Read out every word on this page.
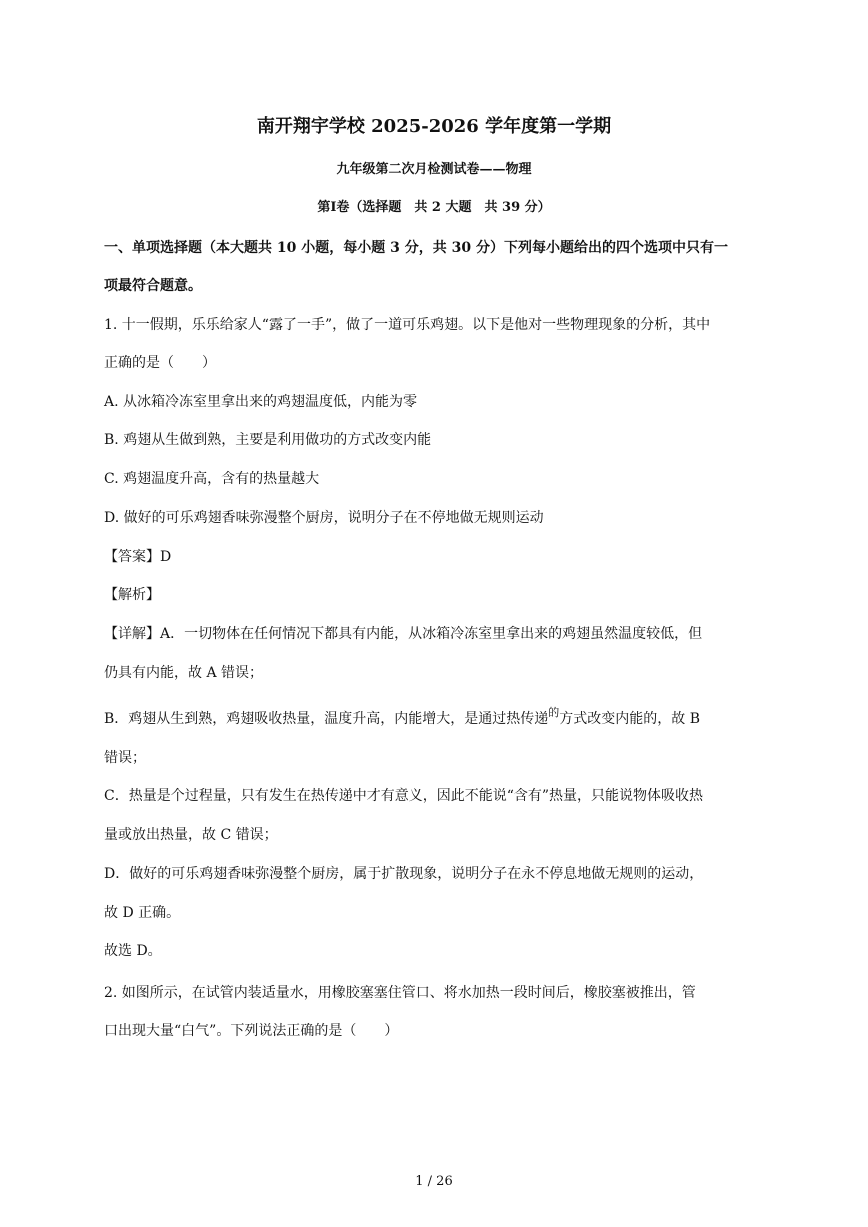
南开翔宇学校 2025-2026 学年度第一学期
九年级第二次月检测试卷——物理
第Ⅰ卷（选择题　共 2 大题　共 39 分）
一、单项选择题（本大题共 10 小题，每小题 3 分，共 30 分）下列每小题给出的四个选项中只有一
项最符合题意。
1. 十一假期，乐乐给家人“露了一手”，做了一道可乐鸡翅。以下是他对一些物理现象的分析，其中
正确的是（　　）
A. 从冰箱冷冻室里拿出来的鸡翅温度低，内能为零
B. 鸡翅从生做到熟，主要是利用做功的方式改变内能
C. 鸡翅温度升高，含有的热量越大
D. 做好的可乐鸡翅香味弥漫整个厨房，说明分子在不停地做无规则运动
【答案】D
【解析】
【详解】A．一切物体在任何情况下都具有内能，从冰箱冷冻室里拿出来的鸡翅虽然温度较低，但
仍具有内能，故 A 错误；
B．鸡翅从生到熟，鸡翅吸收热量，温度升高，内能增大，是通过热传递$^的$方式改变内能的，故 B
错误；
C．热量是个过程量，只有发生在热传递中才有意义，因此不能说“含有”热量，只能说物体吸收热
量或放出热量，故 C 错误；
D．做好的可乐鸡翅香味弥漫整个厨房，属于扩散现象，说明分子在永不停息地做无规则的运动，
故 D 正确。
故选 D。
2. 如图所示，在试管内装适量水，用橡胶塞塞住管口、将水加热一段时间后，橡胶塞被推出，管
口出现大量“白气”。下列说法正确的是（　　）
1 / 26
